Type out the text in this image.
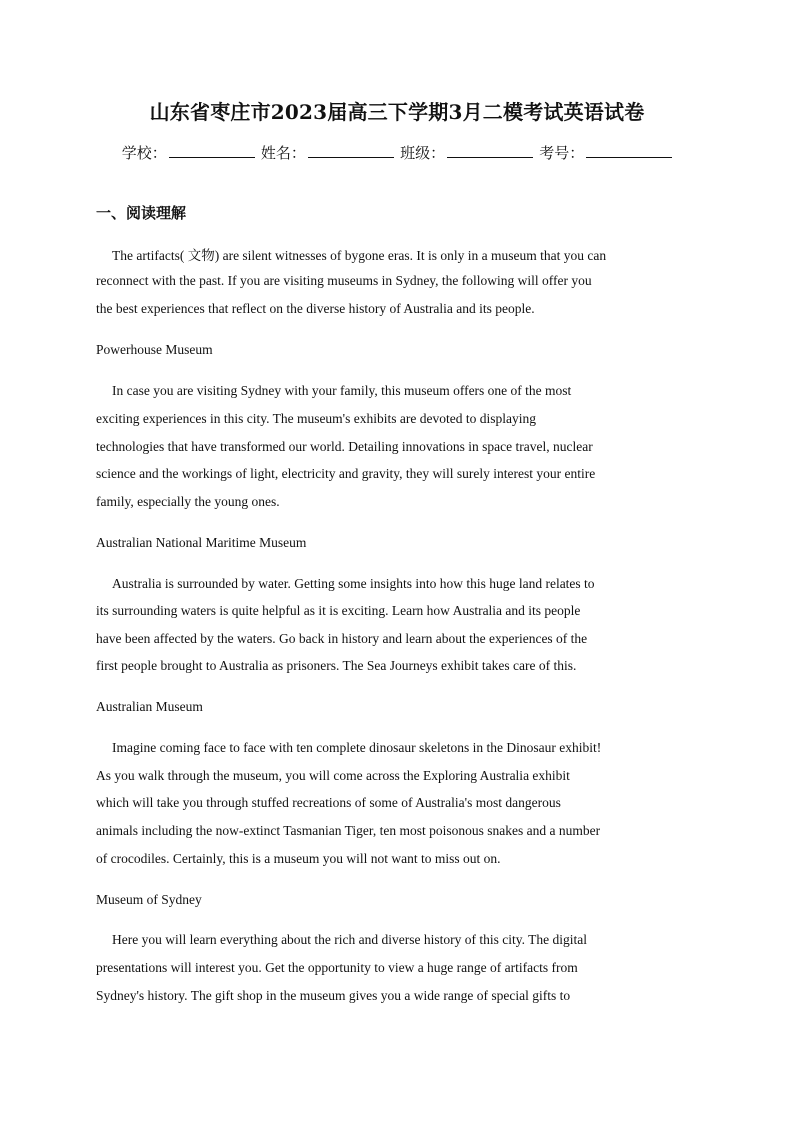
山东省枣庄市2023届高三下学期3月二模考试英语试卷
学校：	姓名：	班级：	考号：
一、阅读理解
The artifacts( 文物) are silent witnesses of bygone eras. It is only in a museum that you can
reconnect with the past. If you are visiting museums in Sydney, the following will offer you
the best experiences that reflect on the diverse history of Australia and its people.
Powerhouse Museum
In case you are visiting Sydney with your family, this museum offers one of the most
exciting experiences in this city. The museum's exhibits are devoted to displaying
technologies that have transformed our world. Detailing innovations in space travel, nuclear
science and the workings of light, electricity and gravity, they will surely interest your entire
family, especially the young ones.
Australian National Maritime Museum
Australia is surrounded by water. Getting some insights into how this huge land relates to
its surrounding waters is quite helpful as it is exciting. Learn how Australia and its people
have been affected by the waters. Go back in history and learn about the experiences of the
first people brought to Australia as prisoners. The Sea Journeys exhibit takes care of this.
Australian Museum
Imagine coming face to face with ten complete dinosaur skeletons in the Dinosaur exhibit!
As you walk through the museum, you will come across the Exploring Australia exhibit
which will take you through stuffed recreations of some of Australia's most dangerous
animals including the now-extinct Tasmanian Tiger, ten most poisonous snakes and a number
of crocodiles. Certainly, this is a museum you will not want to miss out on.
Museum of Sydney
Here you will learn everything about the rich and diverse history of this city. The digital
presentations will interest you. Get the opportunity to view a huge range of artifacts from
Sydney's history. The gift shop in the museum gives you a wide range of special gifts to
